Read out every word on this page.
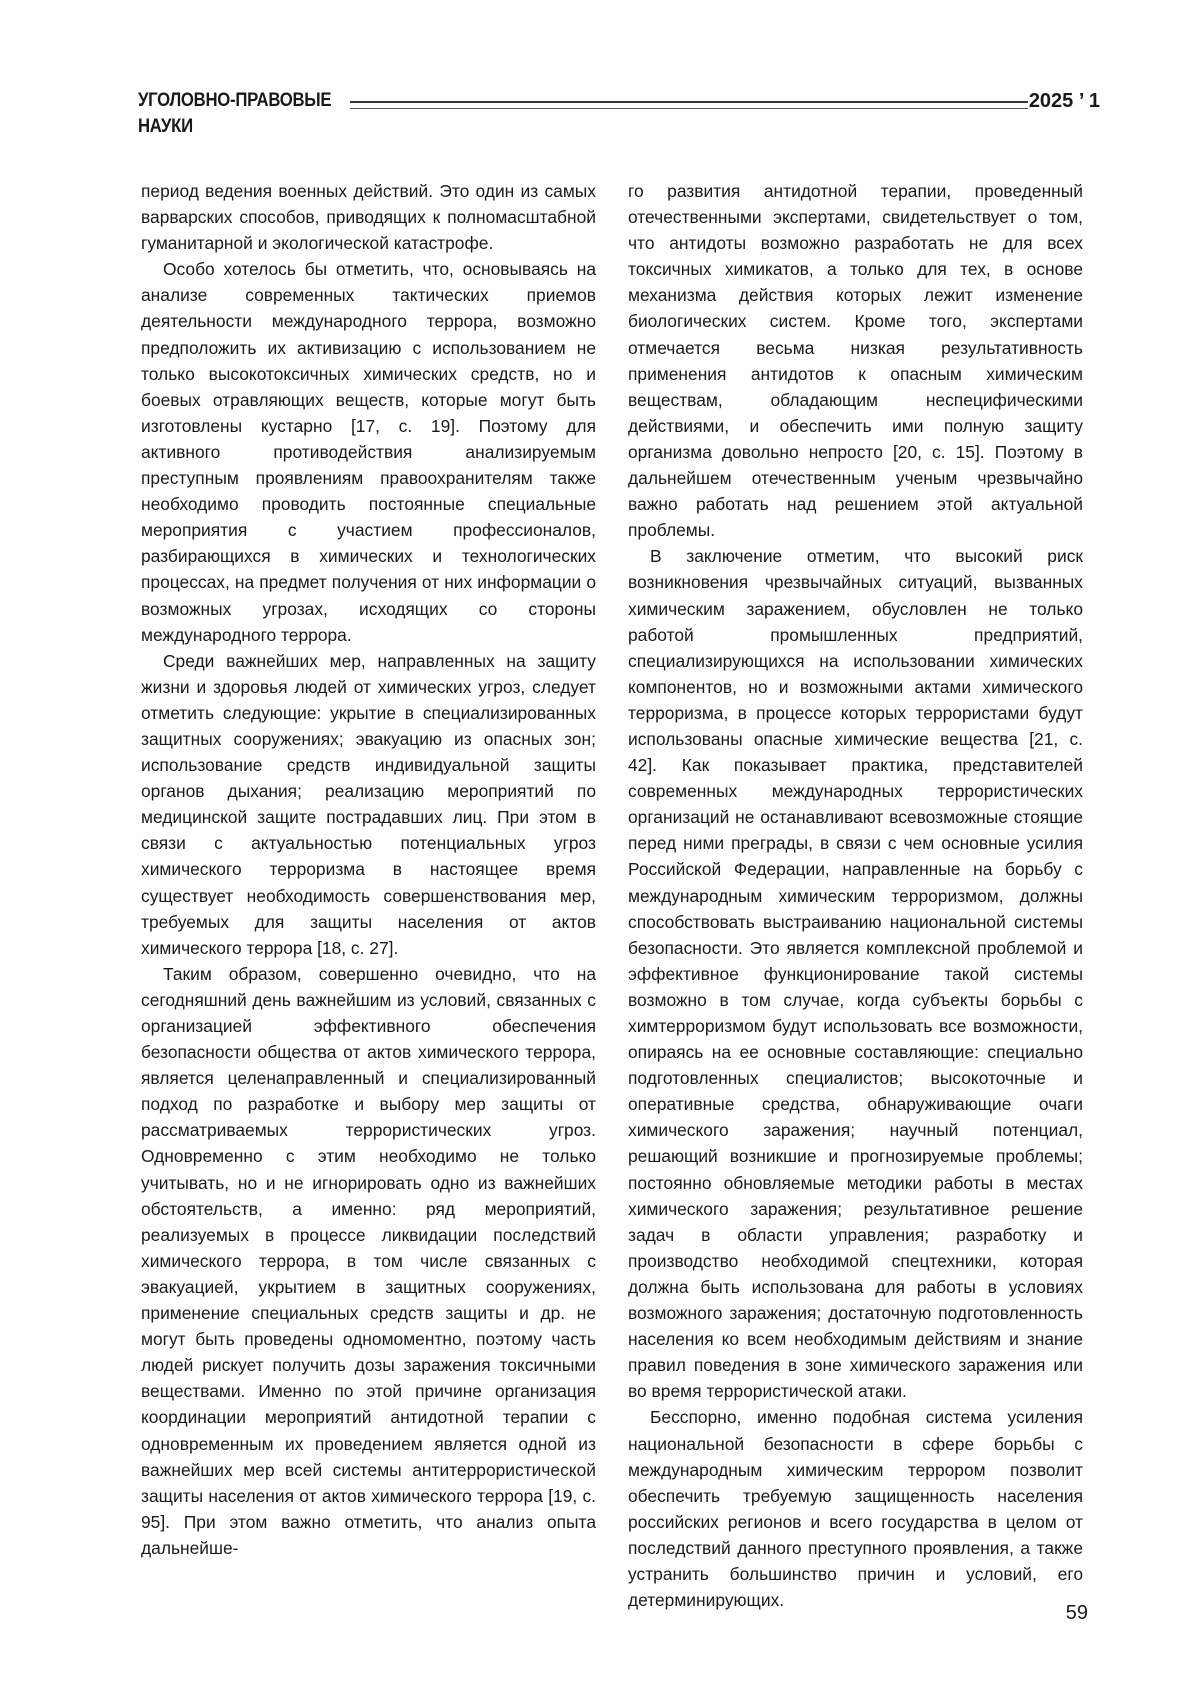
УГОЛОВНО-ПРАВОВЫЕ
НАУКИ
2025 ’ 1

период ведения военных действий. Это один из самых варварских способов, приводящих к полномасштабной гуманитарной и экологической катастрофе.

Особо хотелось бы отметить, что, основываясь на анализе современных тактических приемов деятельности международного террора, возможно предположить их активизацию с использованием не только высокотоксичных химических средств, но и боевых отравляющих веществ, которые могут быть изготовлены кустарно [17, с. 19]. Поэтому для активного противодействия анализируемым преступным проявлениям правоохранителям также необходимо проводить постоянные специальные мероприятия с участием профессионалов, разбирающихся в химических и технологических процессах, на предмет получения от них информации о возможных угрозах, исходящих со стороны международного террора.

Среди важнейших мер, направленных на защиту жизни и здоровья людей от химических угроз, следует отметить следующие: укрытие в специализированных защитных сооружениях; эвакуацию из опасных зон; использование средств индивидуальной защиты органов дыхания; реализацию мероприятий по медицинской защите пострадавших лиц. При этом в связи с актуальностью потенциальных угроз химического терроризма в настоящее время существует необходимость совершенствования мер, требуемых для защиты населения от актов химического террора [18, с. 27].

Таким образом, совершенно очевидно, что на сегодняшний день важнейшим из условий, связанных с организацией эффективного обеспечения безопасности общества от актов химического террора, является целенаправленный и специализированный подход по разработке и выбору мер защиты от рассматриваемых террористических угроз. Одновременно с этим необходимо не только учитывать, но и не игнорировать одно из важнейших обстоятельств, а именно: ряд мероприятий, реализуемых в процессе ликвидации последствий химического террора, в том числе связанных с эвакуацией, укрытием в защитных сооружениях, применение специальных средств защиты и др. не могут быть проведены одномоментно, поэтому часть людей рискует получить дозы заражения токсичными веществами. Именно по этой причине организация координации мероприятий антидотной терапии с одновременным их проведением является одной из важнейших мер всей системы антитеррористической защиты населения от актов химического террора [19, с. 95]. При этом важно отметить, что анализ опыта дальнейше-

го развития антидотной терапии, проведенный отечественными экспертами, свидетельствует о том, что антидоты возможно разработать не для всех токсичных химикатов, а только для тех, в основе механизма действия которых лежит изменение биологических систем. Кроме того, экспертами отмечается весьма низкая результативность применения антидотов к опасным химическим веществам, обладающим неспецифическими действиями, и обеспечить ими полную защиту организма довольно непросто [20, с. 15]. Поэтому в дальнейшем отечественным ученым чрезвычайно важно работать над решением этой актуальной проблемы.

В заключение отметим, что высокий риск возникновения чрезвычайных ситуаций, вызванных химическим заражением, обусловлен не только работой промышленных предприятий, специализирующихся на использовании химических компонентов, но и возможными актами химического терроризма, в процессе которых террористами будут использованы опасные химические вещества [21, с. 42]. Как показывает практика, представителей современных международных террористических организаций не останавливают всевозможные стоящие перед ними преграды, в связи с чем основные усилия Российской Федерации, направленные на борьбу с международным химическим терроризмом, должны способствовать выстраиванию национальной системы безопасности. Это является комплексной проблемой и эффективное функционирование такой системы возможно в том случае, когда субъекты борьбы с химтерроризмом будут использовать все возможности, опираясь на ее основные составляющие: специально подготовленных специалистов; высокоточные и оперативные средства, обнаруживающие очаги химического заражения; научный потенциал, решающий возникшие и прогнозируемые проблемы; постоянно обновляемые методики работы в местах химического заражения; результативное решение задач в области управления; разработку и производство необходимой спецтехники, которая должна быть использована для работы в условиях возможного заражения; достаточную подготовленность населения ко всем необходимым действиям и знание правил поведения в зоне химического заражения или во время террористической атаки.

Бесспорно, именно подобная система усиления национальной безопасности в сфере борьбы с международным химическим террором позволит обеспечить требуемую защищенность населения российских регионов и всего государства в целом от последствий данного преступного проявления, а также устранить большинство причин и условий, его детерминирующих.

59
